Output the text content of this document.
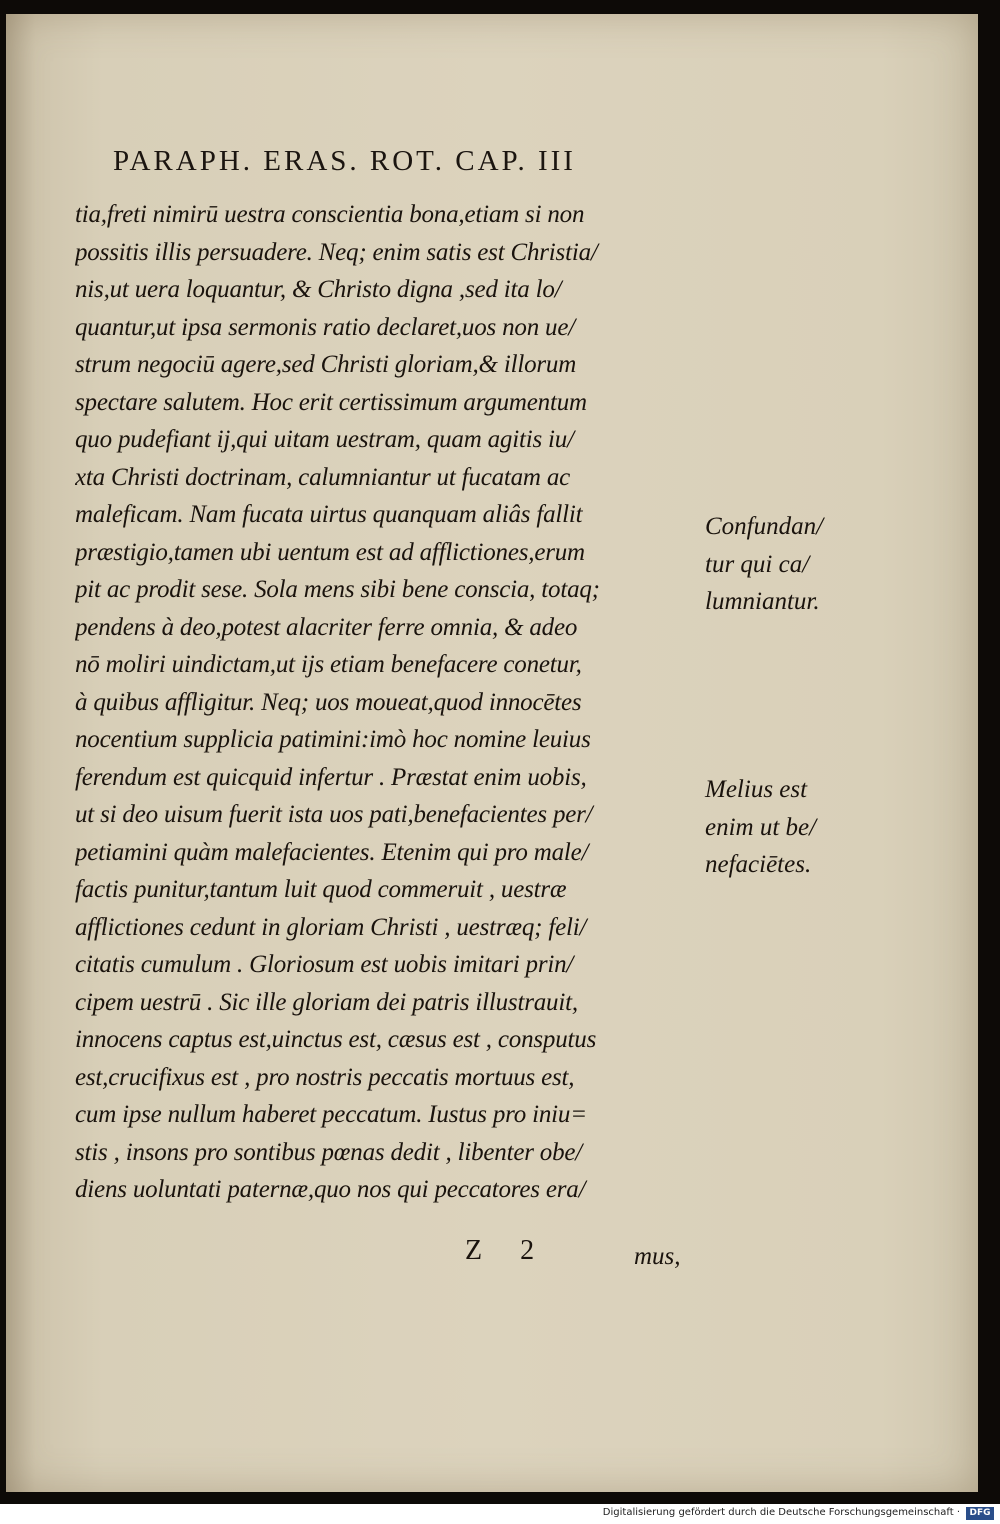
PARAPH. ERAS. ROT. CAP. III
tia,freti nimirū uestra conscientia bona,etiam si non
possitis illis persuadere. Neq; enim satis est Christia/
nis,ut uera loquantur, & Christo digna ,sed ita lo/
quantur,ut ipsa sermonis ratio declaret,uos non ue/
strum negociū agere,sed Christi gloriam,& illorum
spectare salutem. Hoc erit certissimum argumentum
quo pudefiant ij,qui uitam uestram, quam agitis iu/
xta Christi doctrinam, calumniantur ut fucatam ac
maleficam. Nam fucata uirtus quanquam aliâs fallit
præstigio,tamen ubi uentum est ad afflictiones,erum
pit ac prodit sese. Sola mens sibi bene conscia, totaq;
pendens à deo,potest alacriter ferre omnia, & adeo
nō moliri uindictam,ut ijs etiam benefacere conetur,
à quibus affligitur. Neq; uos moueat,quod innocētes
nocentium supplicia patimini:imò hoc nomine leuius
ferendum est quicquid infertur . Præstat enim uobis,
ut si deo uisum fuerit ista uos pati,benefacientes per/
petiamini quàm malefacientes. Etenim qui pro male/
factis punitur,tantum luit quod commeruit , uestræ
afflictiones cedunt in gloriam Christi , uestræq; feli/
citatis cumulum . Gloriosum est uobis imitari prin/
cipem uestrū . Sic ille gloriam dei patris illustrauit,
innocens captus est,uinctus est, cæsus est , consputus
est,crucifixus est , pro nostris peccatis mortuus est,
cum ipse nullum haberet peccatum. Iustus pro iniu=
stis , insons pro sontibus pœnas dedit , libenter obe/
diens uoluntati paternæ,quo nos qui peccatores era/
Confundan/
tur qui ca/
lumniantur.
Melius est
enim ut be/
nefaciētes.
Z 2	mus,
Digitalisierung gefördert durch die Deutsche Forschungsgemeinschaft ·	DFG
